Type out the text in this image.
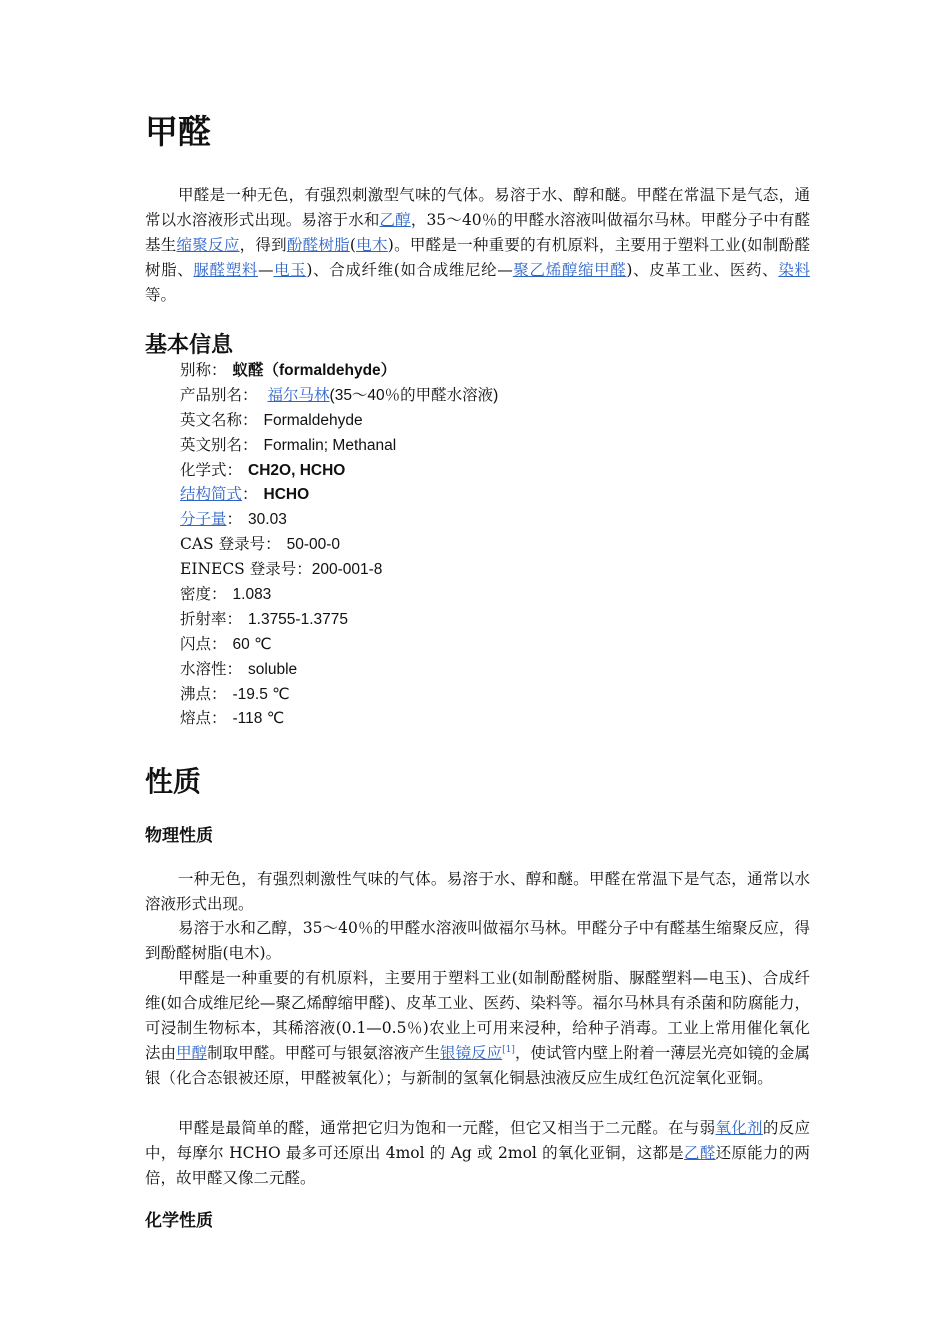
甲醛

甲醛是一种无色，有强烈刺激型气味的气体。易溶于水、醇和醚。甲醛在常温下是气态，通常以水溶液形式出现。易溶于水和乙醇，35～40％的甲醛水溶液叫做福尔马林。甲醛分子中有醛基生缩聚反应，得到酚醛树脂(电木)。甲醛是一种重要的有机原料，主要用于塑料工业(如制酚醛树脂、脲醛塑料—电玉)、合成纤维(如合成维尼纶—聚乙烯醇缩甲醛)、皮革工业、医药、染料等。

基本信息
别称： 蚁醛（formaldehyde）
产品别名： 福尔马林(35～40％的甲醛水溶液)
英文名称： Formaldehyde
英文别名： Formalin; Methanal
化学式： CH2O, HCHO
结构简式： HCHO
分子量： 30.03
CAS 登录号： 50-00-0
EINECS 登录号：200-001-8
密度： 1.083
折射率： 1.3755-1.3775
闪点： 60 ℃
水溶性： soluble
沸点： -19.5 ℃
熔点： -118 ℃
性质
物理性质

一种无色，有强烈刺激性气味的气体。易溶于水、醇和醚。甲醛在常温下是气态，通常以水溶液形式出现。

易溶于水和乙醇，35～40％的甲醛水溶液叫做福尔马林。甲醛分子中有醛基生缩聚反应，得到酚醛树脂(电木)。

甲醛是一种重要的有机原料，主要用于塑料工业(如制酚醛树脂、脲醛塑料—电玉)、合成纤维(如合成维尼纶—聚乙烯醇缩甲醛)、皮革工业、医药、染料等。福尔马林具有杀菌和防腐能力，可浸制生物标本，其稀溶液(0.1—0.5％)农业上可用来浸种，给种子消毒。工业上常用催化氧化法由甲醇制取甲醛。甲醛可与银氨溶液产生银镜反应[1]，使试管内壁上附着一薄层光亮如镜的金属银（化合态银被还原，甲醛被氧化）；与新制的氢氧化铜悬浊液反应生成红色沉淀氧化亚铜。

甲醛是最简单的醛，通常把它归为饱和一元醛，但它又相当于二元醛。在与弱氧化剂的反应中，每摩尔 HCHO 最多可还原出 4mol 的 Ag 或 2mol 的氧化亚铜，这都是乙醛还原能力的两倍，故甲醛又像二元醛。

化学性质
